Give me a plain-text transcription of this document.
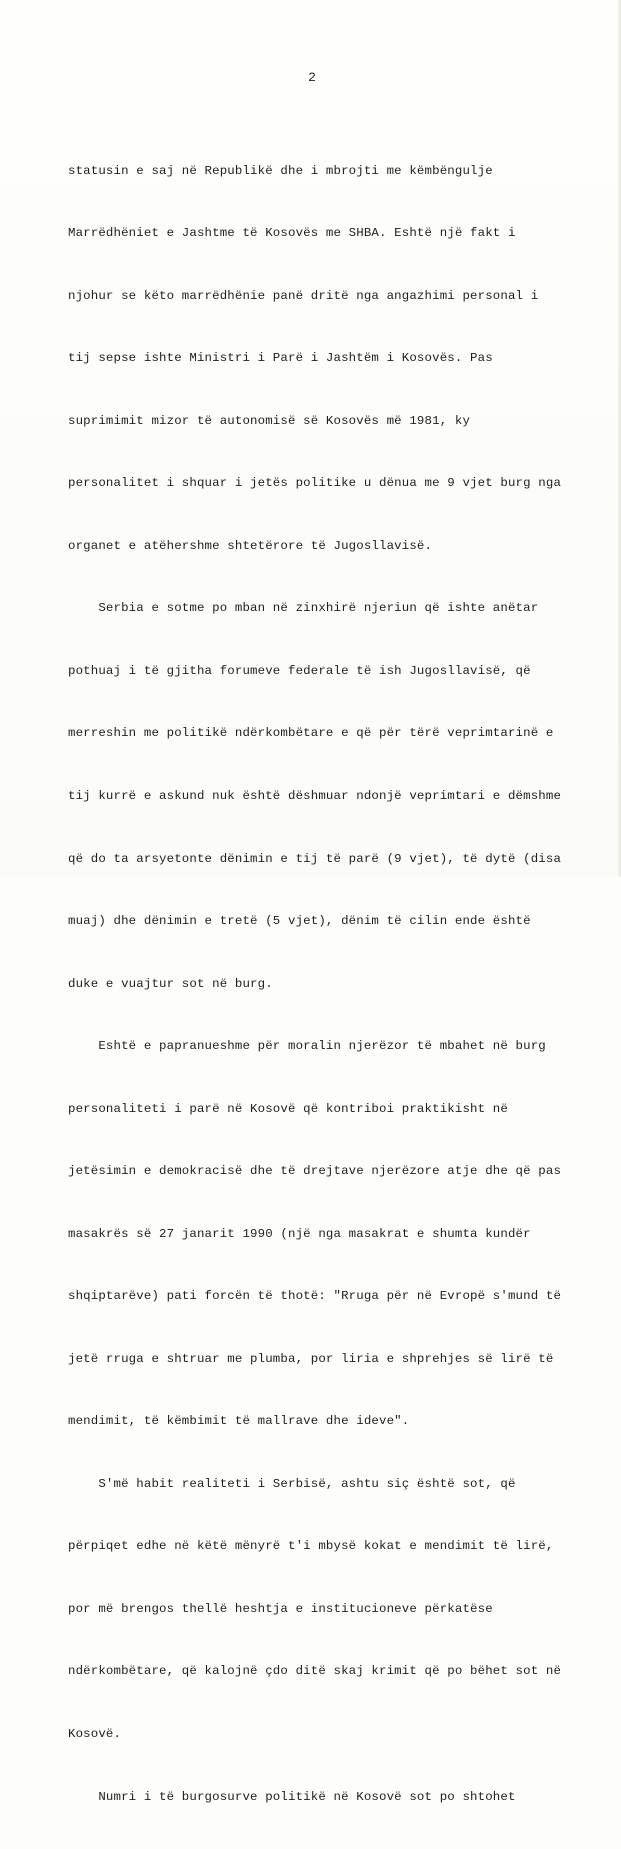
2

statusin e saj në Republikë dhe i mbrojti me këmbëngulje

Marrëdhëniet e Jashtme të Kosovës me SHBA. Eshtë një fakt i

njohur se këto marrëdhënie panë dritë nga angazhimi personal i

tij sepse ishte Ministri i Parë i Jashtëm i Kosovës. Pas

suprimimit mizor të autonomisë së Kosovës më 1981, ky

personalitet i shquar i jetës politike u dënua me 9 vjet burg nga

organet e atëhershme shtetërore të Jugosllavisë.

Serbia e sotme po mban në zinxhirë njeriun që ishte anëtar

pothuaj i të gjitha forumeve federale të ish Jugosllavisë, që

merreshin me politikë ndërkombëtare e që për tërë veprimtarinë e

tij kurrë e askund nuk është dëshmuar ndonjë veprimtari e dëmshme

që do ta arsyetonte dënimin e tij të parë (9 vjet), të dytë (disa

muaj) dhe dënimin e tretë (5 vjet), dënim të cilin ende është

duke e vuajtur sot në burg.

Eshtë e papranueshme për moralin njerëzor të mbahet në burg

personaliteti i parë në Kosovë që kontriboi praktikisht në

jetësimin e demokracisë dhe të drejtave njerëzore atje dhe që pas

masakrës së 27 janarit 1990 (një nga masakrat e shumta kundër

shqiptarëve) pati forcën të thotë: "Rruga për në Evropë s'mund të

jetë rruga e shtruar me plumba, por liria e shprehjes së lirë të

mendimit, të këmbimit të mallrave dhe ideve".

S'më habit realiteti i Serbisë, ashtu siç është sot, që

përpiqet edhe në këtë mënyrë t'i mbysë kokat e mendimit të lirë,

por më brengos thellë heshtja e institucioneve përkatëse

ndërkombëtare, që kalojnë çdo ditë skaj krimit që po bëhet sot në

Kosovë.

Numri i të burgosurve politikë në Kosovë sot po shtohet
